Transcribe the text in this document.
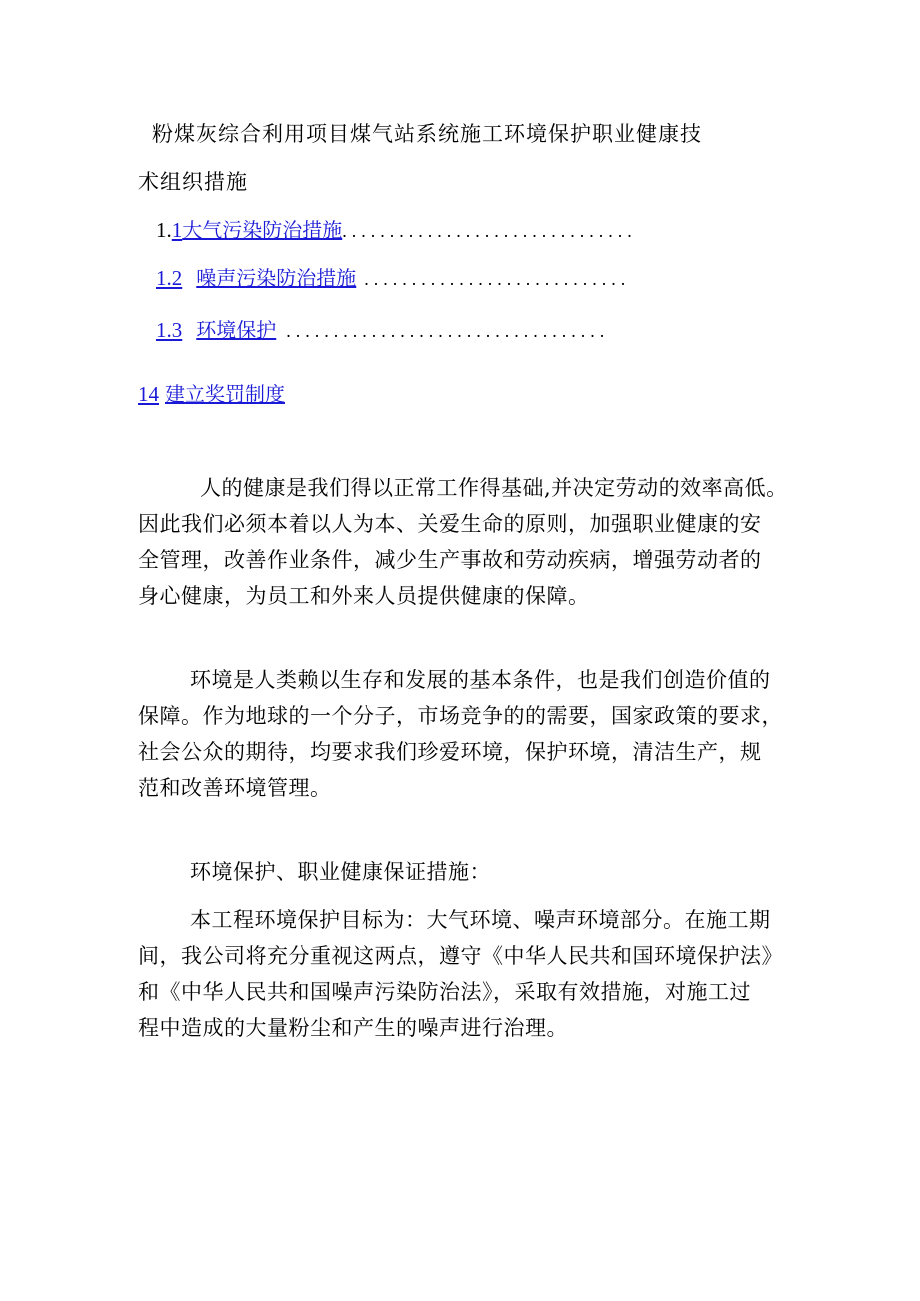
粉煤灰综合利用项目煤气站系统施工环境保护职业健康技
术组织措施
1. 1 大气污染防治措施 ...............................
1.2 噪声污染防治措施 ............................
1.3 环境保护 ..................................
14 建立奖罚制度
人的健康是我们得以正常工作得基础,并决定劳动的效率高低。
因此我们必须本着以人为本、关爱生命的原则，加强职业健康的安
全管理，改善作业条件，减少生产事故和劳动疾病，增强劳动者的
身心健康，为员工和外来人员提供健康的保障。
环境是人类赖以生存和发展的基本条件，也是我们创造价值的
保障。作为地球的一个分子，市场竞争的的需要，国家政策的要求，
社会公众的期待，均要求我们珍爱环境，保护环境，清洁生产，规
范和改善环境管理。
环境保护、职业健康保证措施：
本工程环境保护目标为：大气环境、噪声环境部分。在施工期
间，我公司将充分重视这两点，遵守《中华人民共和国环境保护法》
和《中华人民共和国噪声污染防治法》，采取有效措施，对施工过
程中造成的大量粉尘和产生的噪声进行治理。
